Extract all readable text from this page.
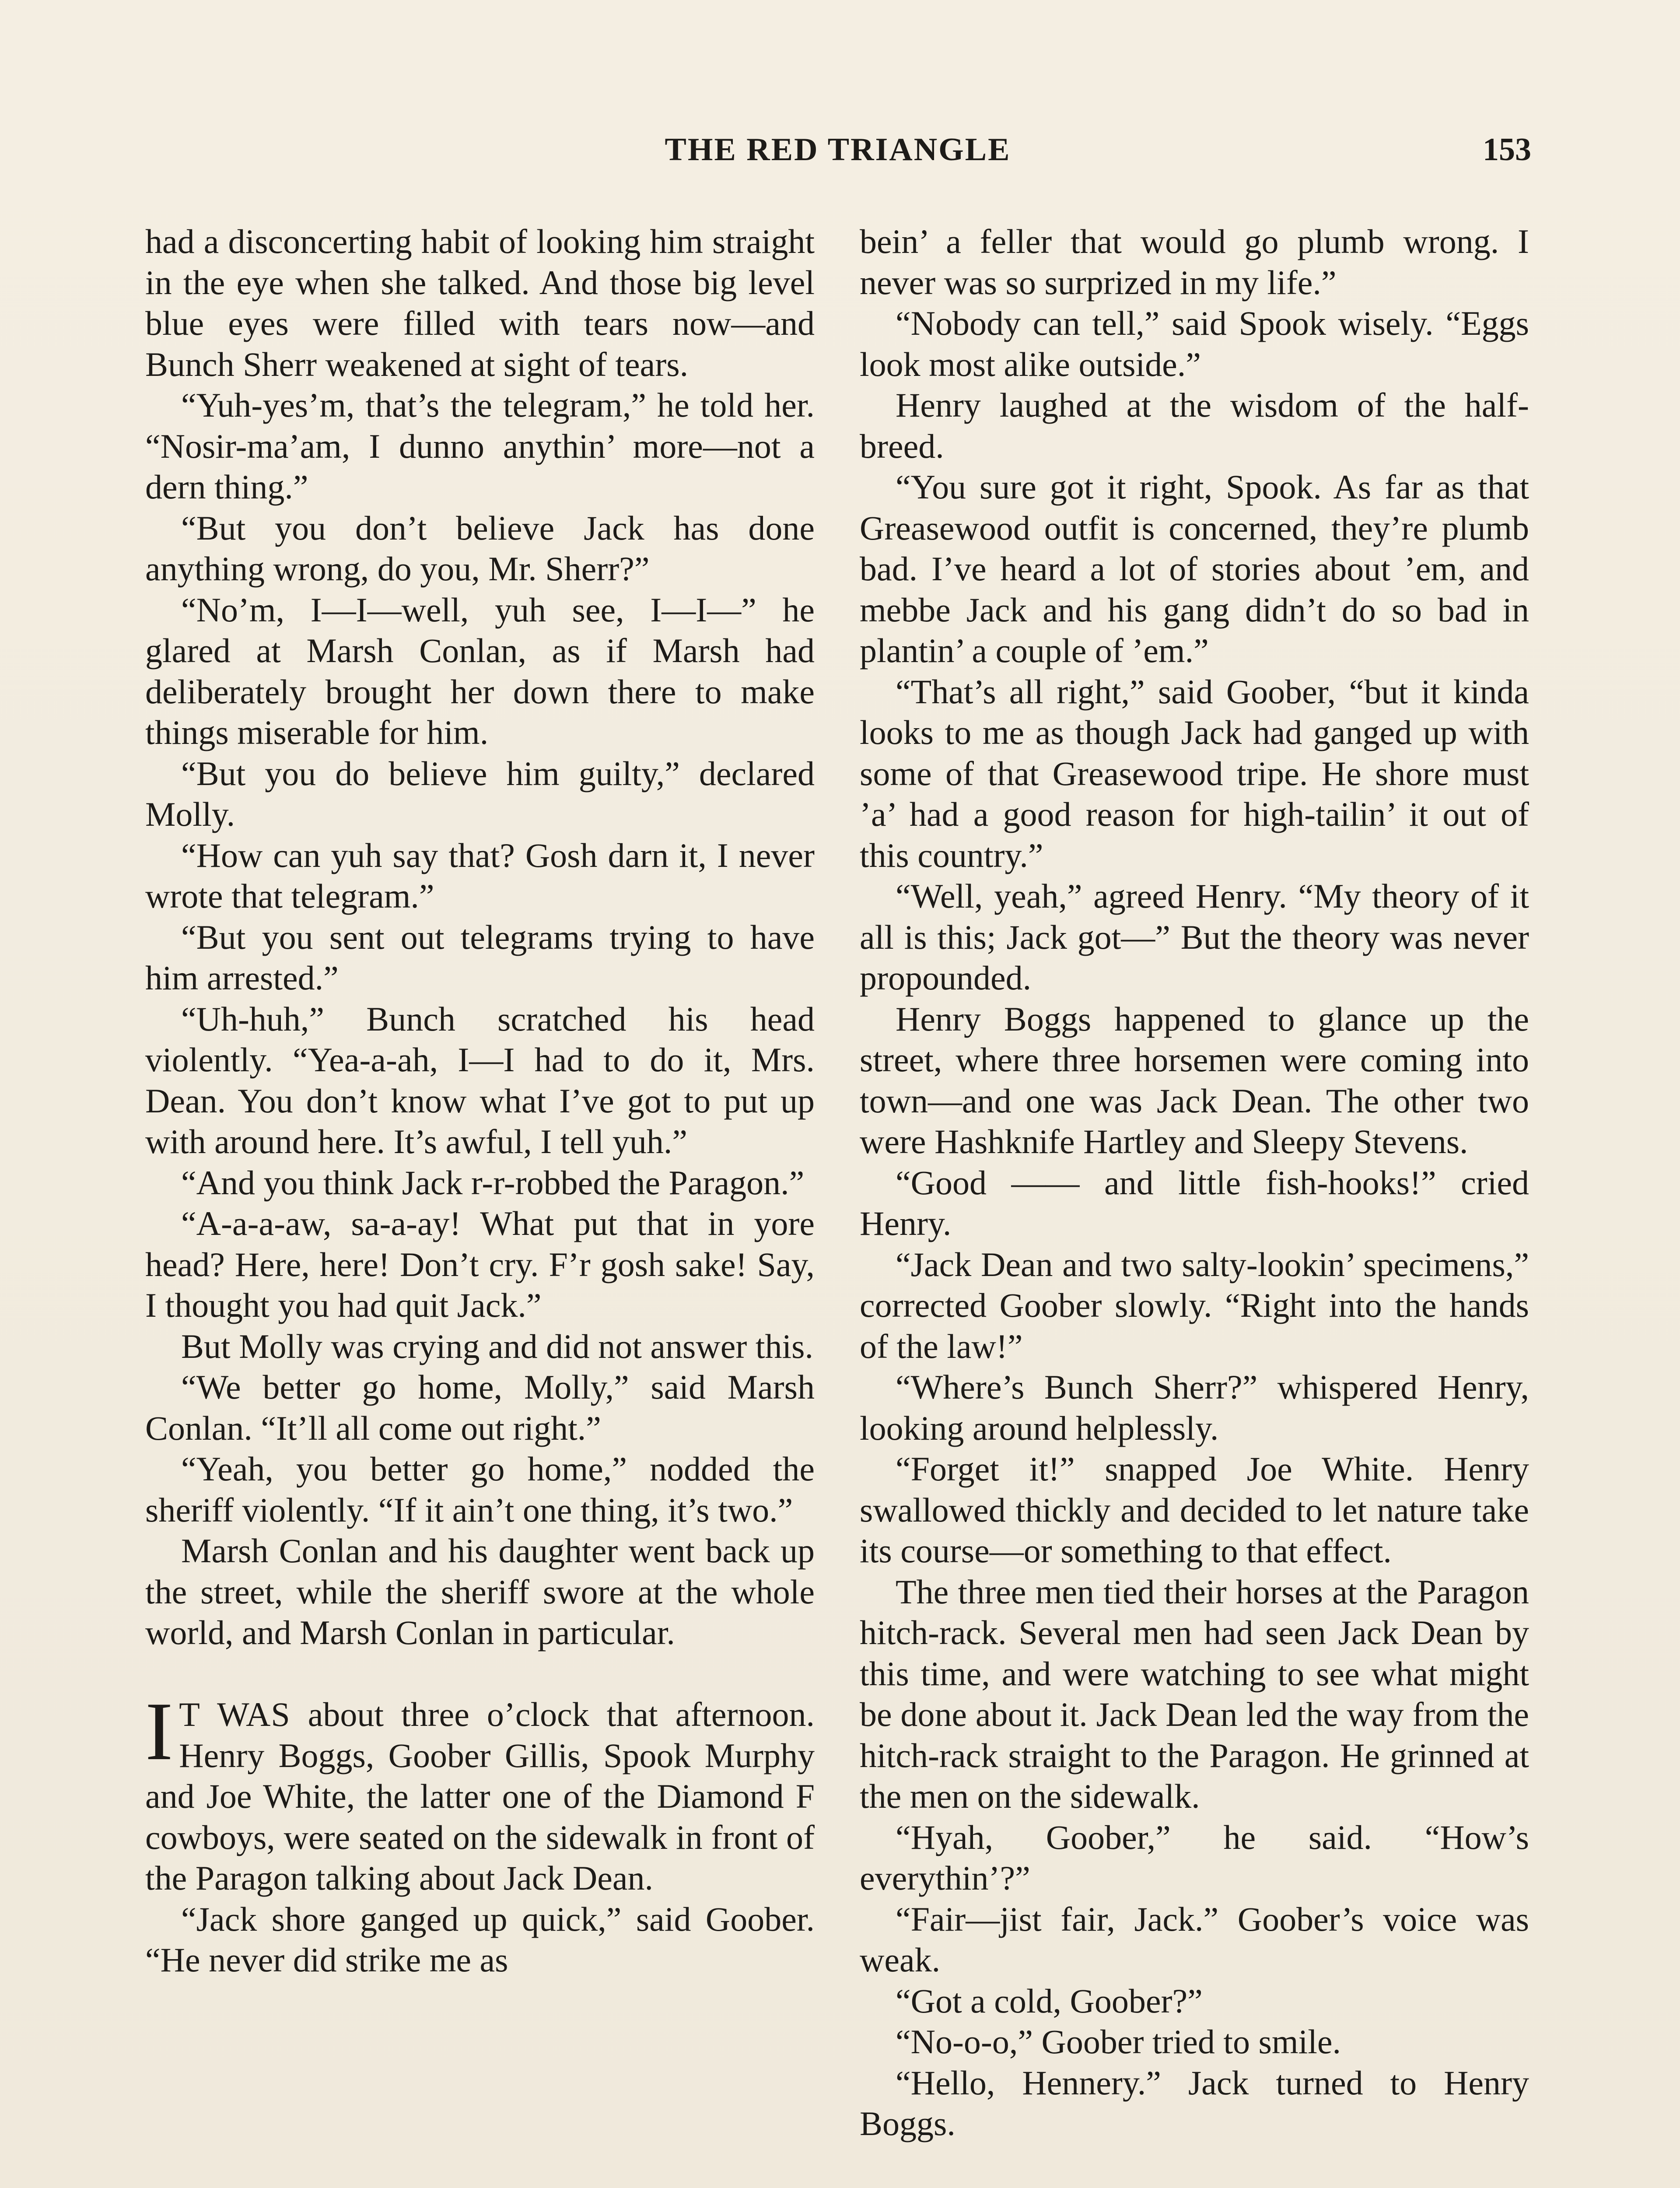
THE RED TRIANGLE	153

had a disconcerting habit of looking him straight in the eye when she talked. And those big level blue eyes were filled with tears now—and Bunch Sherr weakened at sight of tears.

“Yuh-yes’m, that’s the telegram,” he told her. “Nosir-ma’am, I dunno anythin’ more—not a dern thing.”

“But you don’t believe Jack has done anything wrong, do you, Mr. Sherr?”

“No’m, I—I—well, yuh see, I—I—” he glared at Marsh Conlan, as if Marsh had deliberately brought her down there to make things miserable for him.

“But you do believe him guilty,” declared Molly.

“How can yuh say that? Gosh darn it, I never wrote that telegram.”

“But you sent out telegrams trying to have him arrested.”

“Uh-huh,” Bunch scratched his head violently. “Yea-a-ah, I—I had to do it, Mrs. Dean. You don’t know what I’ve got to put up with around here. It’s awful, I tell yuh.”

“And you think Jack r-r-robbed the Paragon.”

“A-a-a-aw, sa-a-ay! What put that in yore head? Here, here! Don’t cry. F’r gosh sake! Say, I thought you had quit Jack.”

But Molly was crying and did not answer this.

“We better go home, Molly,” said Marsh Conlan. “It’ll all come out right.”

“Yeah, you better go home,” nodded the sheriff violently. “If it ain’t one thing, it’s two.”

Marsh Conlan and his daughter went back up the street, while the sheriff swore at the whole world, and Marsh Conlan in particular.

I T WAS about three o’clock that afternoon. Henry Boggs, Goober Gillis, Spook Murphy and Joe White, the latter one of the Diamond F cowboys, were seated on the sidewalk in front of the Paragon talking about Jack Dean.

“Jack shore ganged up quick,” said Goober. “He never did strike me as

bein’ a feller that would go plumb wrong. I never was so surprized in my life.”

“Nobody can tell,” said Spook wisely. “Eggs look most alike outside.”

Henry laughed at the wisdom of the half-breed.

“You sure got it right, Spook. As far as that Greasewood outfit is concerned, they’re plumb bad. I’ve heard a lot of stories about ’em, and mebbe Jack and his gang didn’t do so bad in plantin’ a couple of ’em.”

“That’s all right,” said Goober, “but it kinda looks to me as though Jack had ganged up with some of that Greasewood tripe. He shore must ’a’ had a good reason for high-tailin’ it out of this country.”

“Well, yeah,” agreed Henry. “My theory of it all is this; Jack got—” But the theory was never propounded.

Henry Boggs happened to glance up the street, where three horsemen were coming into town—and one was Jack Dean. The other two were Hashknife Hartley and Sleepy Stevens.

“Good —— and little fish-hooks!” cried Henry.

“Jack Dean and two salty-lookin’ specimens,” corrected Goober slowly. “Right into the hands of the law!”

“Where’s Bunch Sherr?” whispered Henry, looking around helplessly.

“Forget it!” snapped Joe White. Henry swallowed thickly and decided to let nature take its course—or something to that effect.

The three men tied their horses at the Paragon hitch-rack. Several men had seen Jack Dean by this time, and were watching to see what might be done about it. Jack Dean led the way from the hitch-rack straight to the Paragon. He grinned at the men on the sidewalk.

“Hyah, Goober,” he said. “How’s everythin’?”

“Fair—jist fair, Jack.” Goober’s voice was weak.

“Got a cold, Goober?”

“No-o-o,” Goober tried to smile.

“Hello, Hennery.” Jack turned to Henry Boggs.
